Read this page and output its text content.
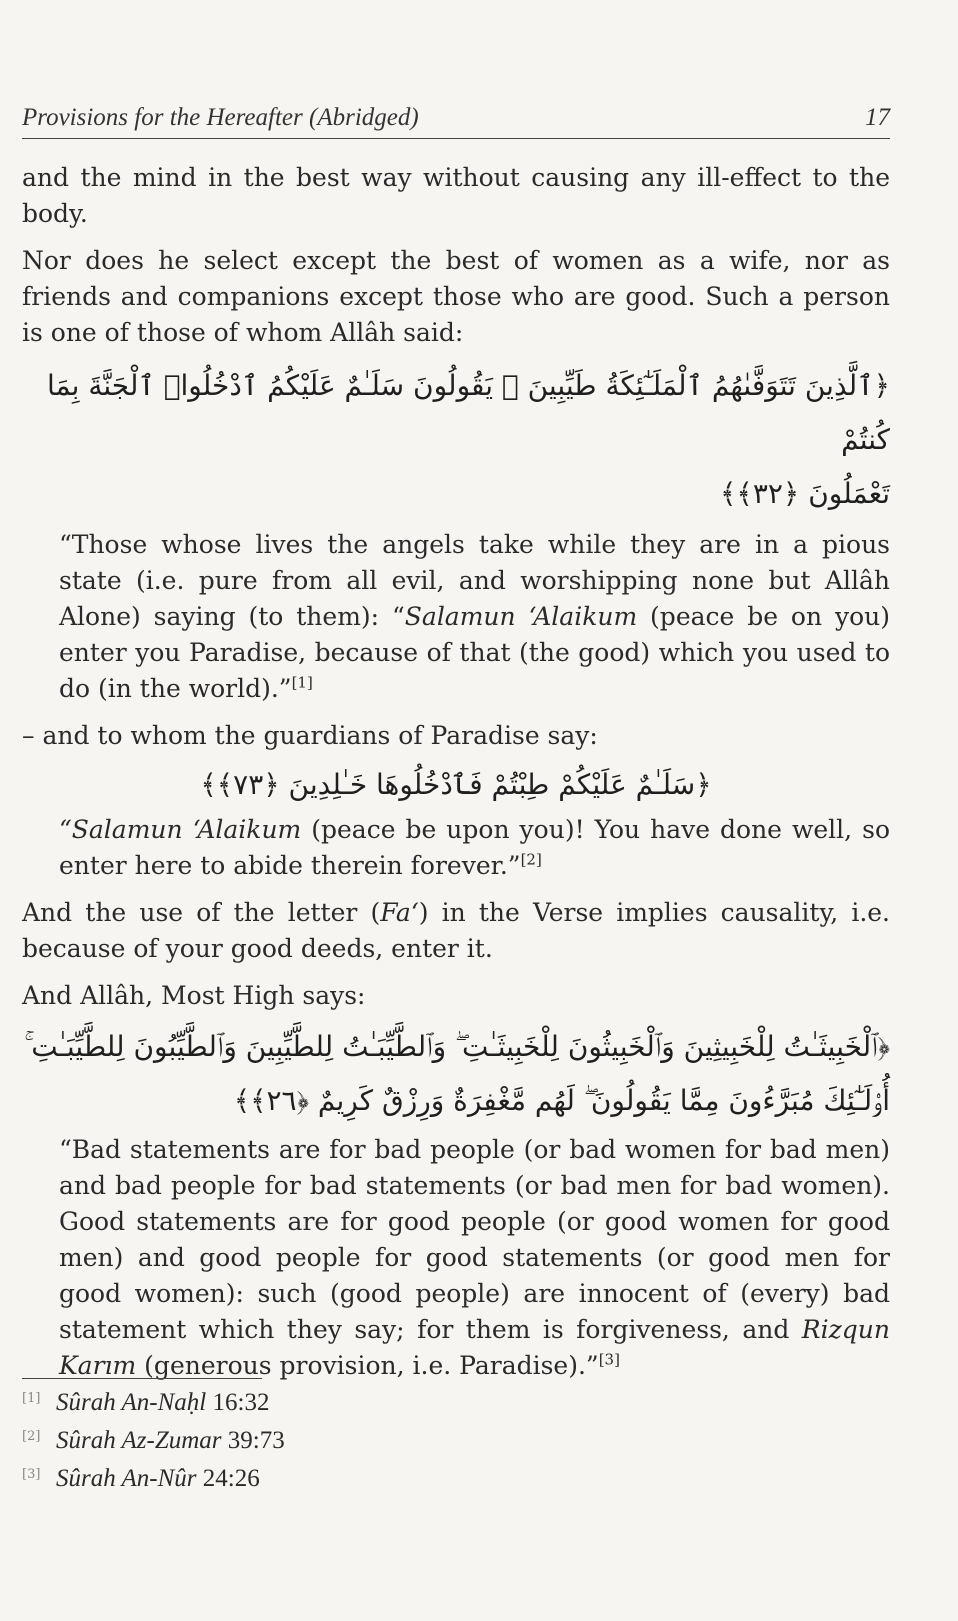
Provisions for the Hereafter (Abridged)	17

and the mind in the best way without causing any ill-effect to the body.

Nor does he select except the best of women as a wife, nor as friends and companions except those who are good. Such a person is one of those of whom Allâh said:

﴿ٱلَّذِينَ تَتَوَفَّىٰهُمُ ٱلْمَلَـٰٓئِكَةُ طَيِّبِينَ ۙ يَقُولُونَ سَلَـٰمٌ عَلَيْكُمُ ٱدْخُلُوا۟ ٱلْجَنَّةَ بِمَا كُنتُمْ
تَعْمَلُونَ ﴿٣٢﴾﴾

“Those whose lives the angels take while they are in a pious state (i.e. pure from all evil, and worshipping none but Allâh Alone) saying (to them): “Salamun ‘Alaikum (peace be on you) enter you Paradise, because of that (the good) which you used to do (in the world).”[1]

– and to whom the guardians of Paradise say:

﴿سَلَـٰمٌ عَلَيْكُمْ طِبْتُمْ فَٱدْخُلُوهَا خَـٰلِدِينَ ﴿٧٣﴾﴾

“Salamun ‘Alaikum (peace be upon you)! You have done well, so enter here to abide therein forever.”[2]

And the use of the letter (Fa‘) in the Verse implies causality, i.e. because of your good deeds, enter it.

And Allâh, Most High says:

﴿ٱلْخَبِيثَـٰتُ لِلْخَبِيثِينَ وَٱلْخَبِيثُونَ لِلْخَبِيثَـٰتِ ۖ وَٱلطَّيِّبَـٰتُ لِلطَّيِّبِينَ وَٱلطَّيِّبُونَ لِلطَّيِّبَـٰتِ ۚ
أُو۟لَـٰٓئِكَ مُبَرَّءُونَ مِمَّا يَقُولُونَ ۖ لَهُم مَّغْفِرَةٌ وَرِزْقٌ كَرِيمٌ ﴿٢٦﴾﴾

“Bad statements are for bad people (or bad women for bad men) and bad people for bad statements (or bad men for bad women). Good statements are for good people (or good women for good men) and good people for good statements (or good men for good women): such (good people) are innocent of (every) bad statement which they say; for them is forgiveness, and Rizqun Karım (generous provision, i.e. Paradise).”[3]

[1] Sûrah An-Naḥl 16:32
[2] Sûrah Az-Zumar 39:73
[3] Sûrah An-Nûr 24:26
